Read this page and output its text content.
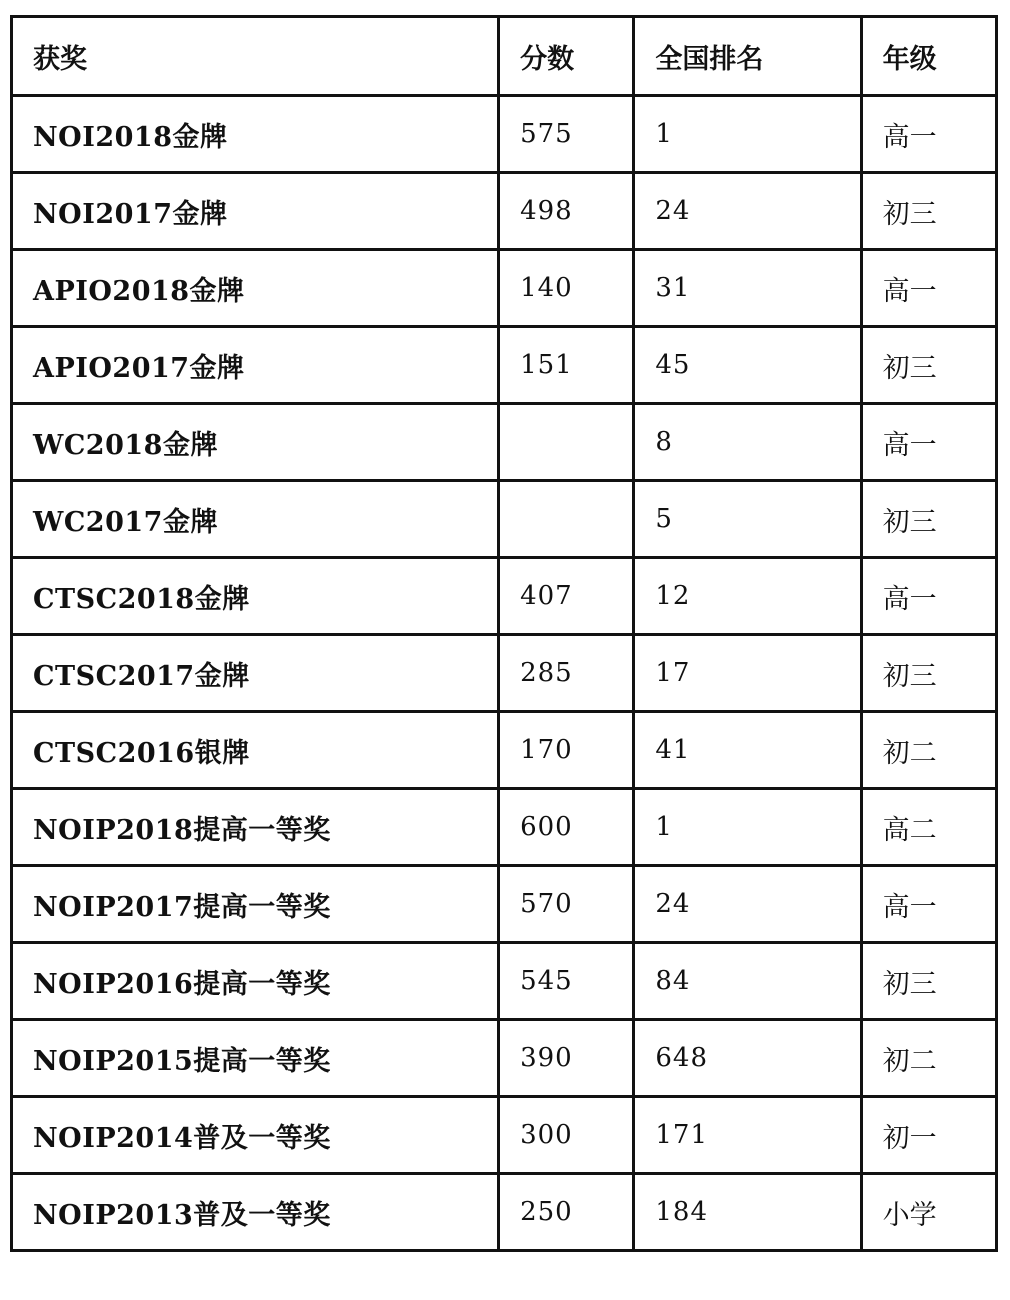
获奖	分数	全国排名	年级
NOI2018金牌	575	1	高一
NOI2017金牌	498	24	初三
APIO2018金牌	140	31	高一
APIO2017金牌	151	45	初三
WC2018金牌		8	高一
WC2017金牌		5	初三
CTSC2018金牌	407	12	高一
CTSC2017金牌	285	17	初三
CTSC2016银牌	170	41	初二
NOIP2018提高一等奖	600	1	高二
NOIP2017提高一等奖	570	24	高一
NOIP2016提高一等奖	545	84	初三
NOIP2015提高一等奖	390	648	初二
NOIP2014普及一等奖	300	171	初一
NOIP2013普及一等奖	250	184	小学
